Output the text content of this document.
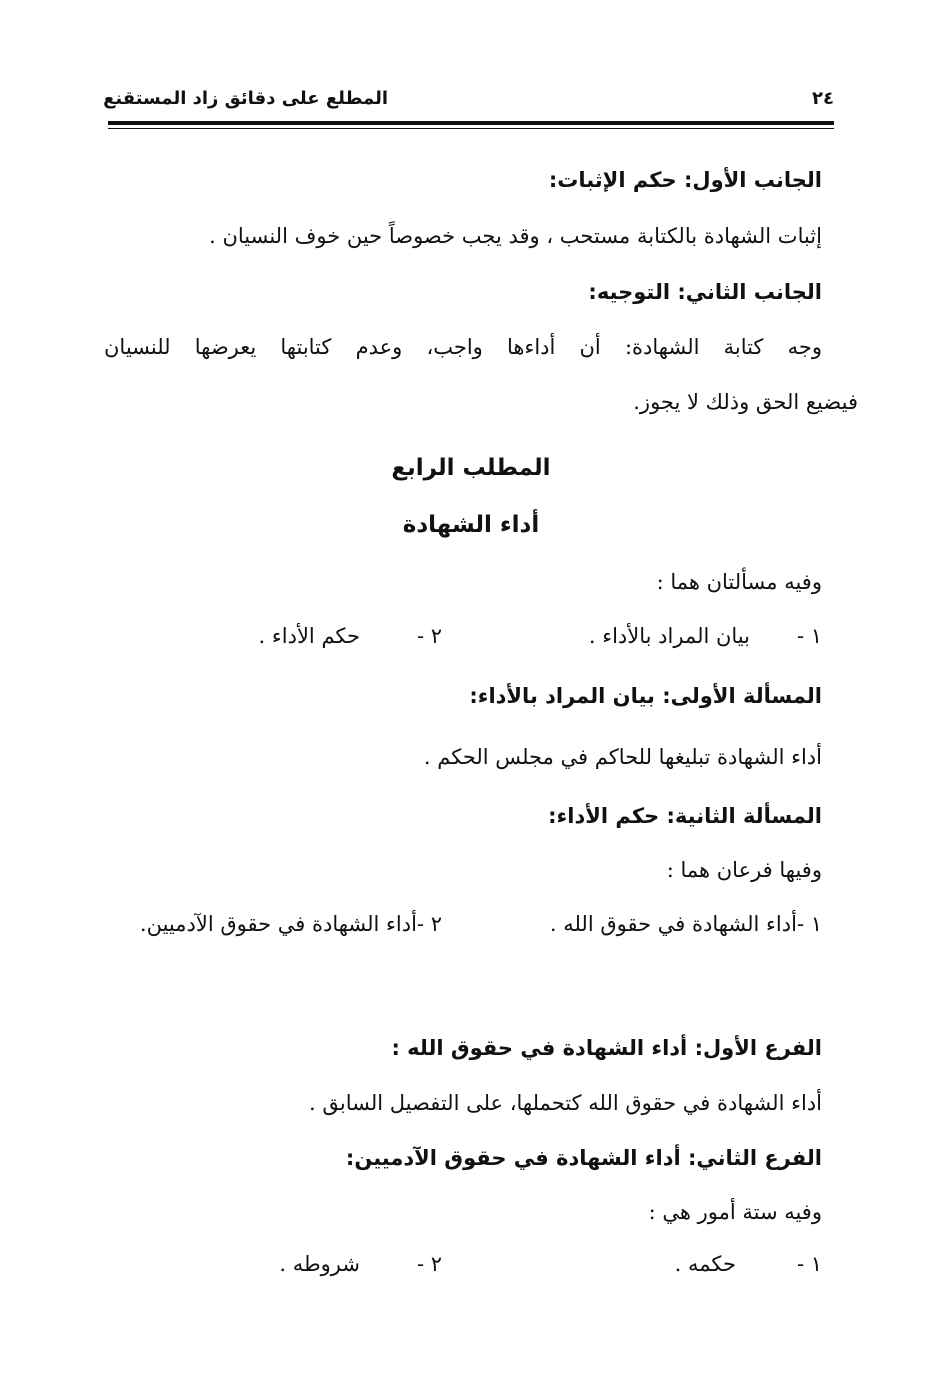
٢٤
المطلع على دقائق زاد المستقنع
الجانب الأول: حكم الإثبات:
إثبات الشهادة بالكتابة مستحب ، وقد يجب خصوصاً حين خوف النسيان .
الجانب الثاني: التوجيه:
وجه كتابة الشهادة: أن أداءها واجب، وعدم كتابتها يعرضها للنسيان
فيضيع الحق وذلك لا يجوز.
المطلب الرابع
أداء الشهادة
وفيه مسألتان هما :
١ -
بيان المراد بالأداء .
٢ -
حكم الأداء .
المسألة الأولى: بيان المراد بالأداء:
أداء الشهادة تبليغها للحاكم في مجلس الحكم .
المسألة الثانية: حكم الأداء:
وفيها فرعان هما :
١ -أداء الشهادة في حقوق الله .
٢ -أداء الشهادة في حقوق الآدميين.
الفرع الأول: أداء الشهادة في حقوق الله :
أداء الشهادة في حقوق الله كتحملها، على التفصيل السابق .
الفرع الثاني: أداء الشهادة في حقوق الآدميين:
وفيه ستة أمور هي :
١ -
حكمه .
٢ -
شروطه .
